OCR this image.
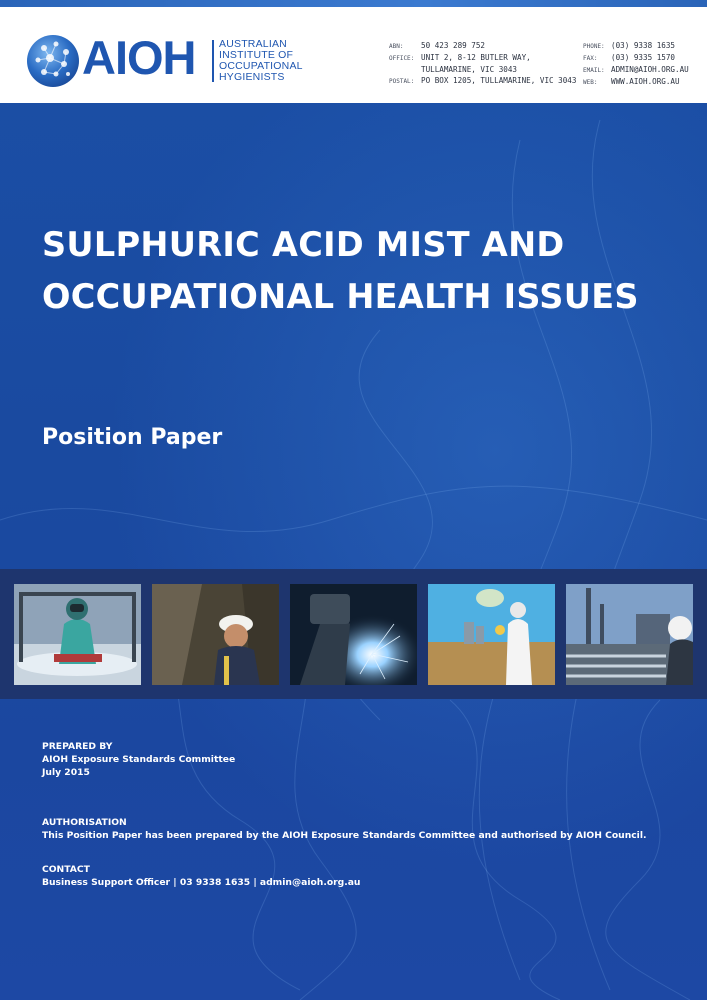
AIOH AUSTRALIAN
INSTITUTE OF
OCCUPATIONAL
HYGIENISTS
ABN: 50 423 289 752
OFFICE: UNIT 2, 8-12 BUTLER WAY,
TULLAMARINE, VIC 3043
POSTAL: PO BOX 1205, TULLAMARINE, VIC 3043
PHONE: (03) 9338 1635
FAX: (03) 9335 1570
EMAIL: ADMIN@AIOH.ORG.AU
WEB: WWW.AIOH.ORG.AU
SULPHURIC ACID MIST AND
OCCUPATIONAL HEALTH ISSUES
Position Paper
PREPARED BY
AIOH Exposure Standards Committee
July 2015
AUTHORISATION
This Position Paper has been prepared by the AIOH Exposure Standards Committee and authorised by AIOH Council.
CONTACT
Business Support Officer | 03 9338 1635 | admin@aioh.org.au
